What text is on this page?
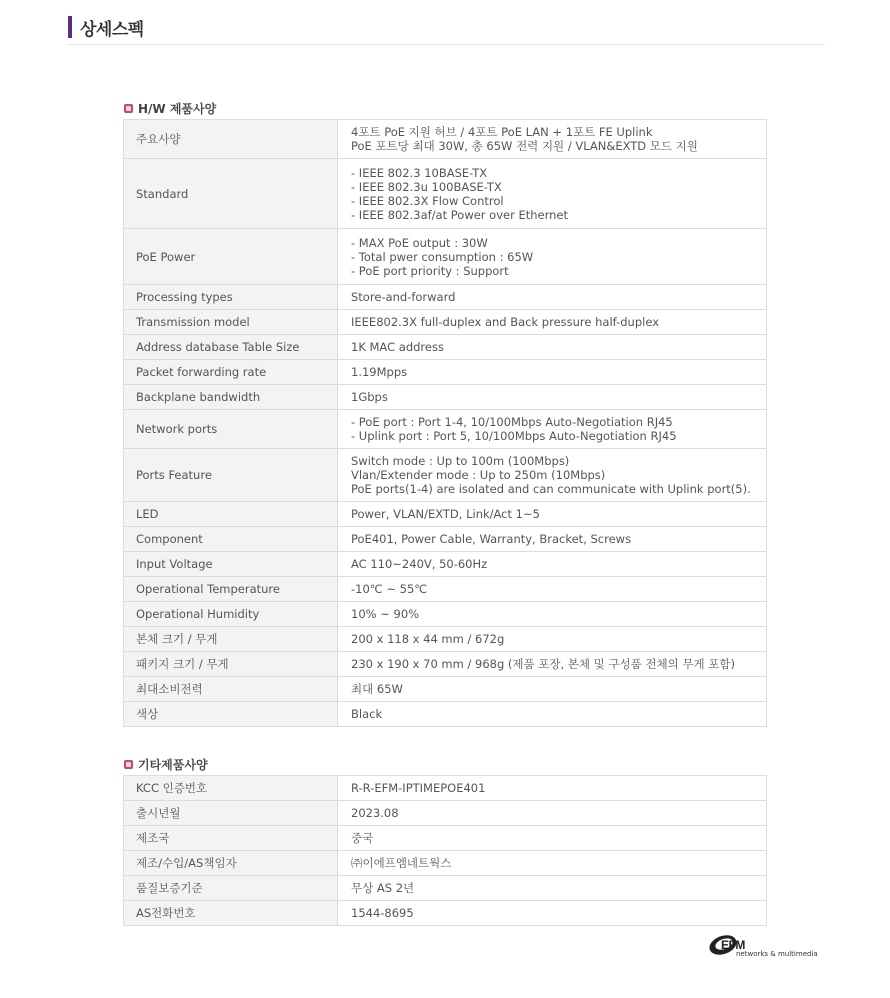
상세스펙
H/W 제품사양
주요사양	4포트 PoE 지원 허브 / 4포트 PoE LAN + 1포트 FE Uplink
PoE 포트당 최대 30W, 총 65W 전력 지원 / VLAN&EXTD 모드 지원

Standard	- IEEE 802.3 10BASE-TX
- IEEE 802.3u 100BASE-TX
- IEEE 802.3X Flow Control
- IEEE 802.3af/at Power over Ethernet

PoE Power	- MAX PoE output : 30W
- Total pwer consumption : 65W
- PoE port priority : Support

Processing types	Store-and-forward

Transmission model	IEEE802.3X full-duplex and Back pressure half-duplex

Address database Table Size	1K MAC address

Packet forwarding rate	1.19Mpps

Backplane bandwidth	1Gbps

Network ports	- PoE port : Port 1-4, 10/100Mbps Auto-Negotiation RJ45
- Uplink port : Port 5, 10/100Mbps Auto-Negotiation RJ45

Ports Feature	Switch mode : Up to 100m (100Mbps)
Vlan/Extender mode : Up to 250m (10Mbps)
PoE ports(1-4) are isolated and can communicate with Uplink port(5).

LED	Power, VLAN/EXTD, Link/Act 1~5

Component	PoE401, Power Cable, Warranty, Bracket, Screws

Input Voltage	AC 110~240V, 50-60Hz

Operational Temperature	-10℃ ~ 55℃

Operational Humidity	10% ~ 90%

본체 크기 / 무게	200 x 118 x 44 mm / 672g

패키지 크기 / 무게	230 x 190 x 70 mm / 968g (제품 포장, 본체 및 구성품 전체의 무게 포함)

최대소비전력	최대 65W

색상	Black
기타제품사양
KCC 인증번호	R-R-EFM-IPTIMEPOE401

출시년월	2023.08

제조국	중국

제조/수입/AS책임자	㈜이에프엠네트웍스

품질보증기준	무상 AS 2년

AS전화번호	1544-8695
EFM
networks & multimedia
